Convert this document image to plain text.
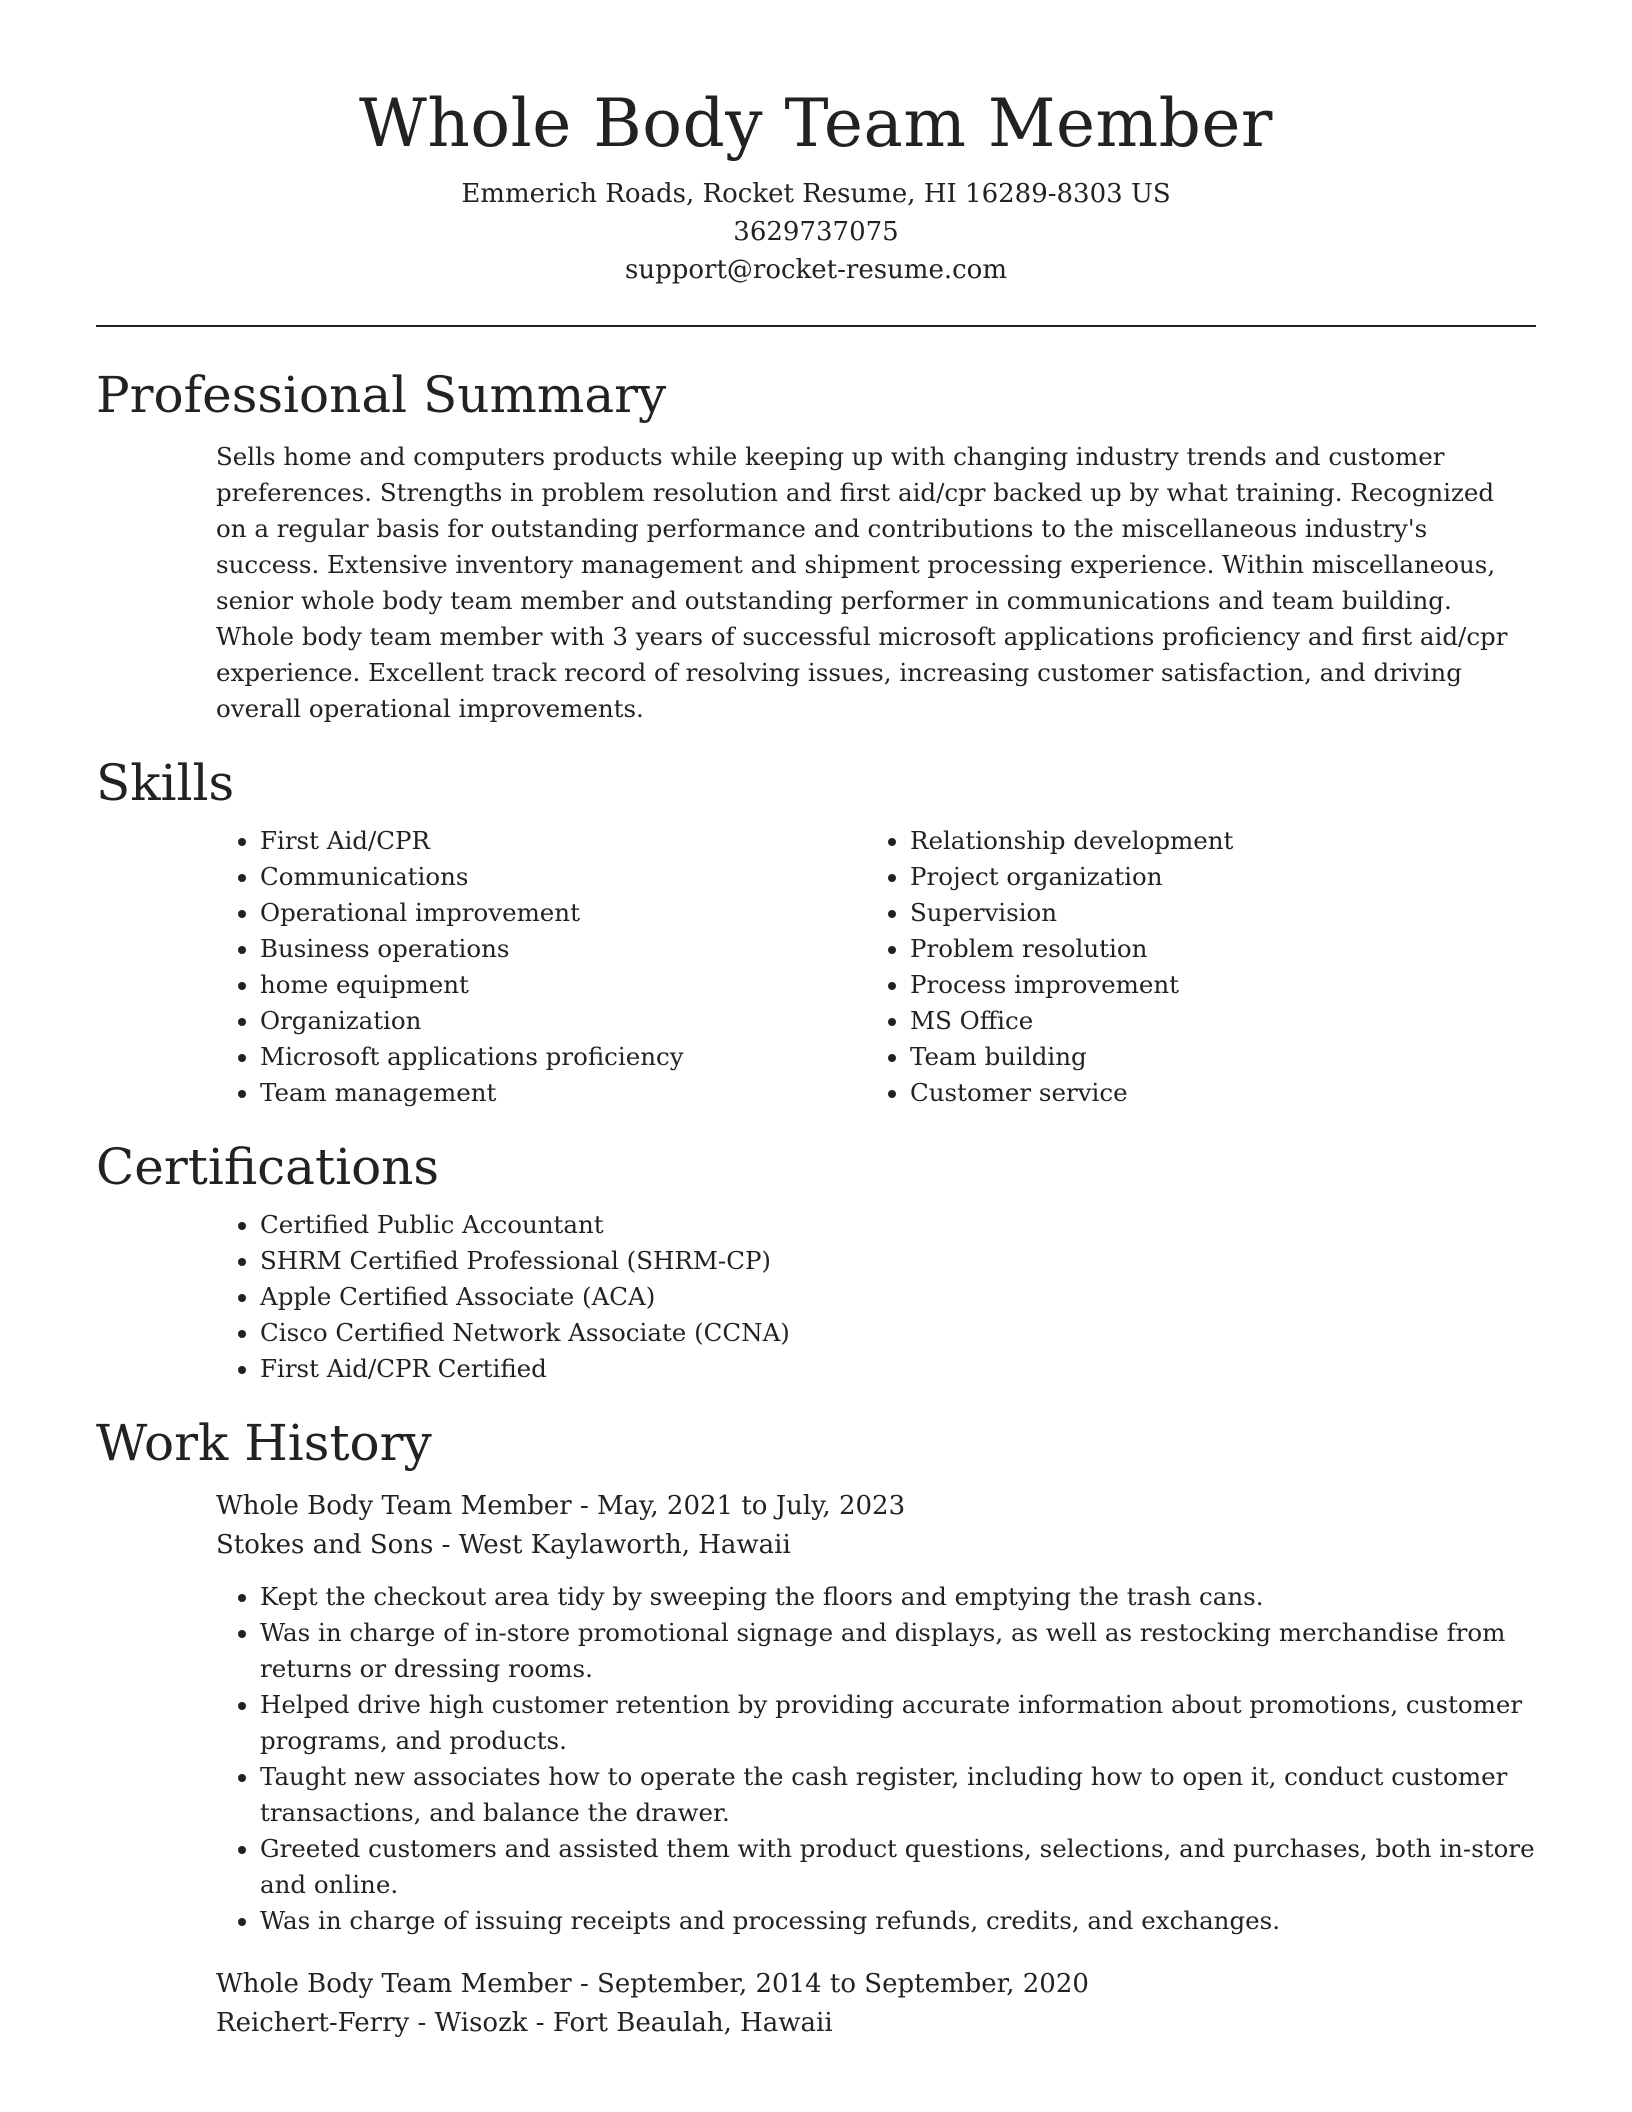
Whole Body Team Member

Emmerich Roads, Rocket Resume, HI 16289-8303 US

3629737075

support@rocket-resume.com

Professional Summary

Sells home and computers products while keeping up with changing industry trends and customer preferences. Strengths in problem resolution and first aid/cpr backed up by what training. Recognized on a regular basis for outstanding performance and contributions to the miscellaneous industry's success. Extensive inventory management and shipment processing experience. Within miscellaneous, senior whole body team member and outstanding performer in communications and team building. Whole body team member with 3 years of successful microsoft applications proficiency and first aid/cpr experience. Excellent track record of resolving issues, increasing customer satisfaction, and driving overall operational improvements.

Skills
• First Aid/CPR
• Communications
• Operational improvement
• Business operations
• home equipment
• Organization
• Microsoft applications proficiency
• Team management
• Relationship development
• Project organization
• Supervision
• Problem resolution
• Process improvement
• MS Office
• Team building
• Customer service
Certifications
• Certified Public Accountant
• SHRM Certified Professional (SHRM-CP)
• Apple Certified Associate (ACA)
• Cisco Certified Network Associate (CCNA)
• First Aid/CPR Certified
Work History

Whole Body Team Member - May, 2021 to July, 2023

Stokes and Sons - West Kaylaworth, Hawaii

• Kept the checkout area tidy by sweeping the floors and emptying the trash cans.
• Was in charge of in-store promotional signage and displays, as well as restocking merchandise from returns or dressing rooms.
• Helped drive high customer retention by providing accurate information about promotions, customer programs, and products.
• Taught new associates how to operate the cash register, including how to open it, conduct customer transactions, and balance the drawer.
• Greeted customers and assisted them with product questions, selections, and purchases, both in-store and online.
• Was in charge of issuing receipts and processing refunds, credits, and exchanges.

Whole Body Team Member - September, 2014 to September, 2020

Reichert-Ferry - Wisozk - Fort Beaulah, Hawaii
